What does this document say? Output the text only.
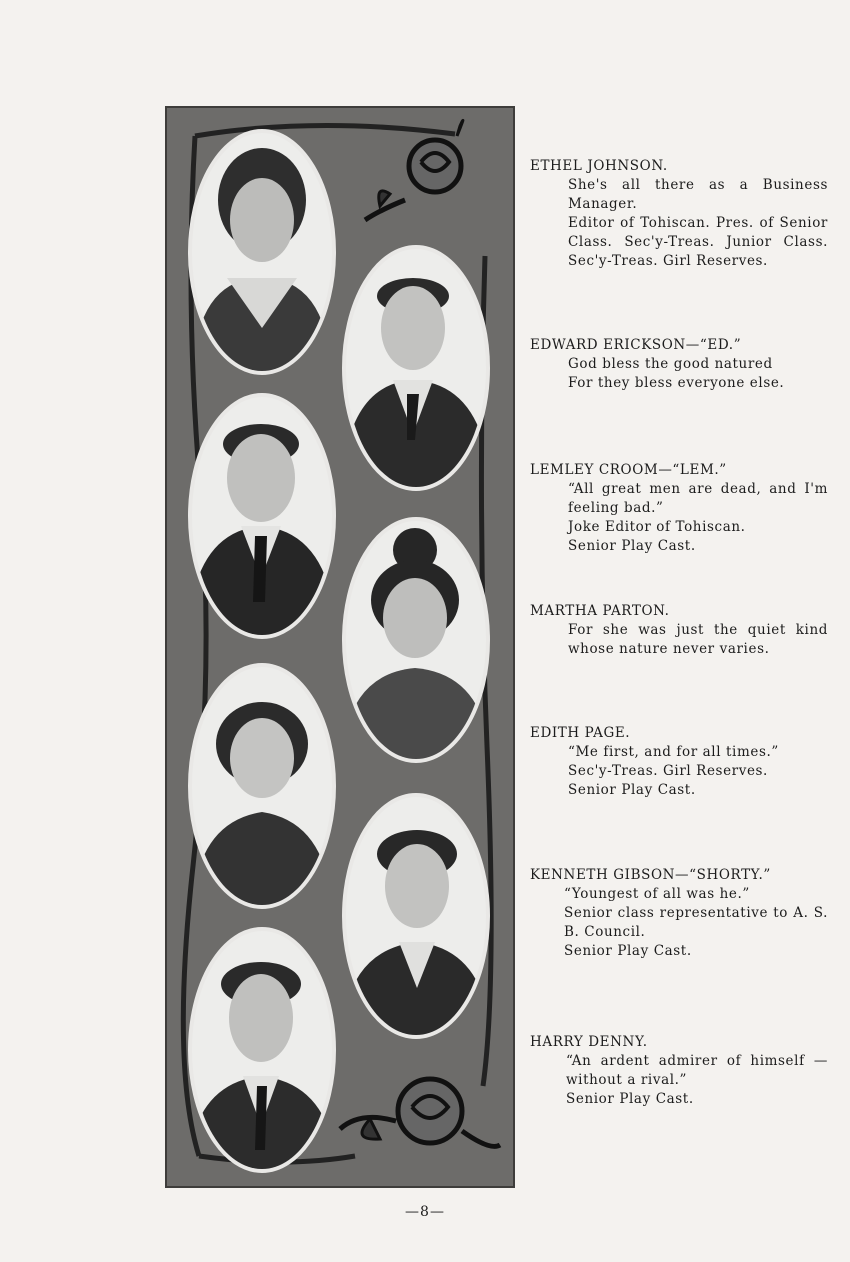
ETHEL JOHNSON.
She's all there as a Business Manager.
Editor of Tohiscan. Pres. of Senior Class. Sec'y-Treas. Junior Class. Sec'y-Treas. Girl Reserves.
EDWARD ERICKSON—“ED.”
God bless the good natured
For they bless everyone else.
LEMLEY CROOM—“LEM.”
“All great men are dead, and I'm feeling bad.”
Joke Editor of Tohiscan.
Senior Play Cast.
MARTHA PARTON.
For she was just the quiet kind whose nature never varies.
EDITH PAGE.
“Me first, and for all times.”
Sec'y-Treas. Girl Reserves.
Senior Play Cast.
KENNETH GIBSON—“SHORTY.”
“Youngest of all was he.”
Senior class representative to A. S. B. Council.
Senior Play Cast.
HARRY DENNY.
“An ardent admirer of himself —without a rival.”
Senior Play Cast.
—8—
